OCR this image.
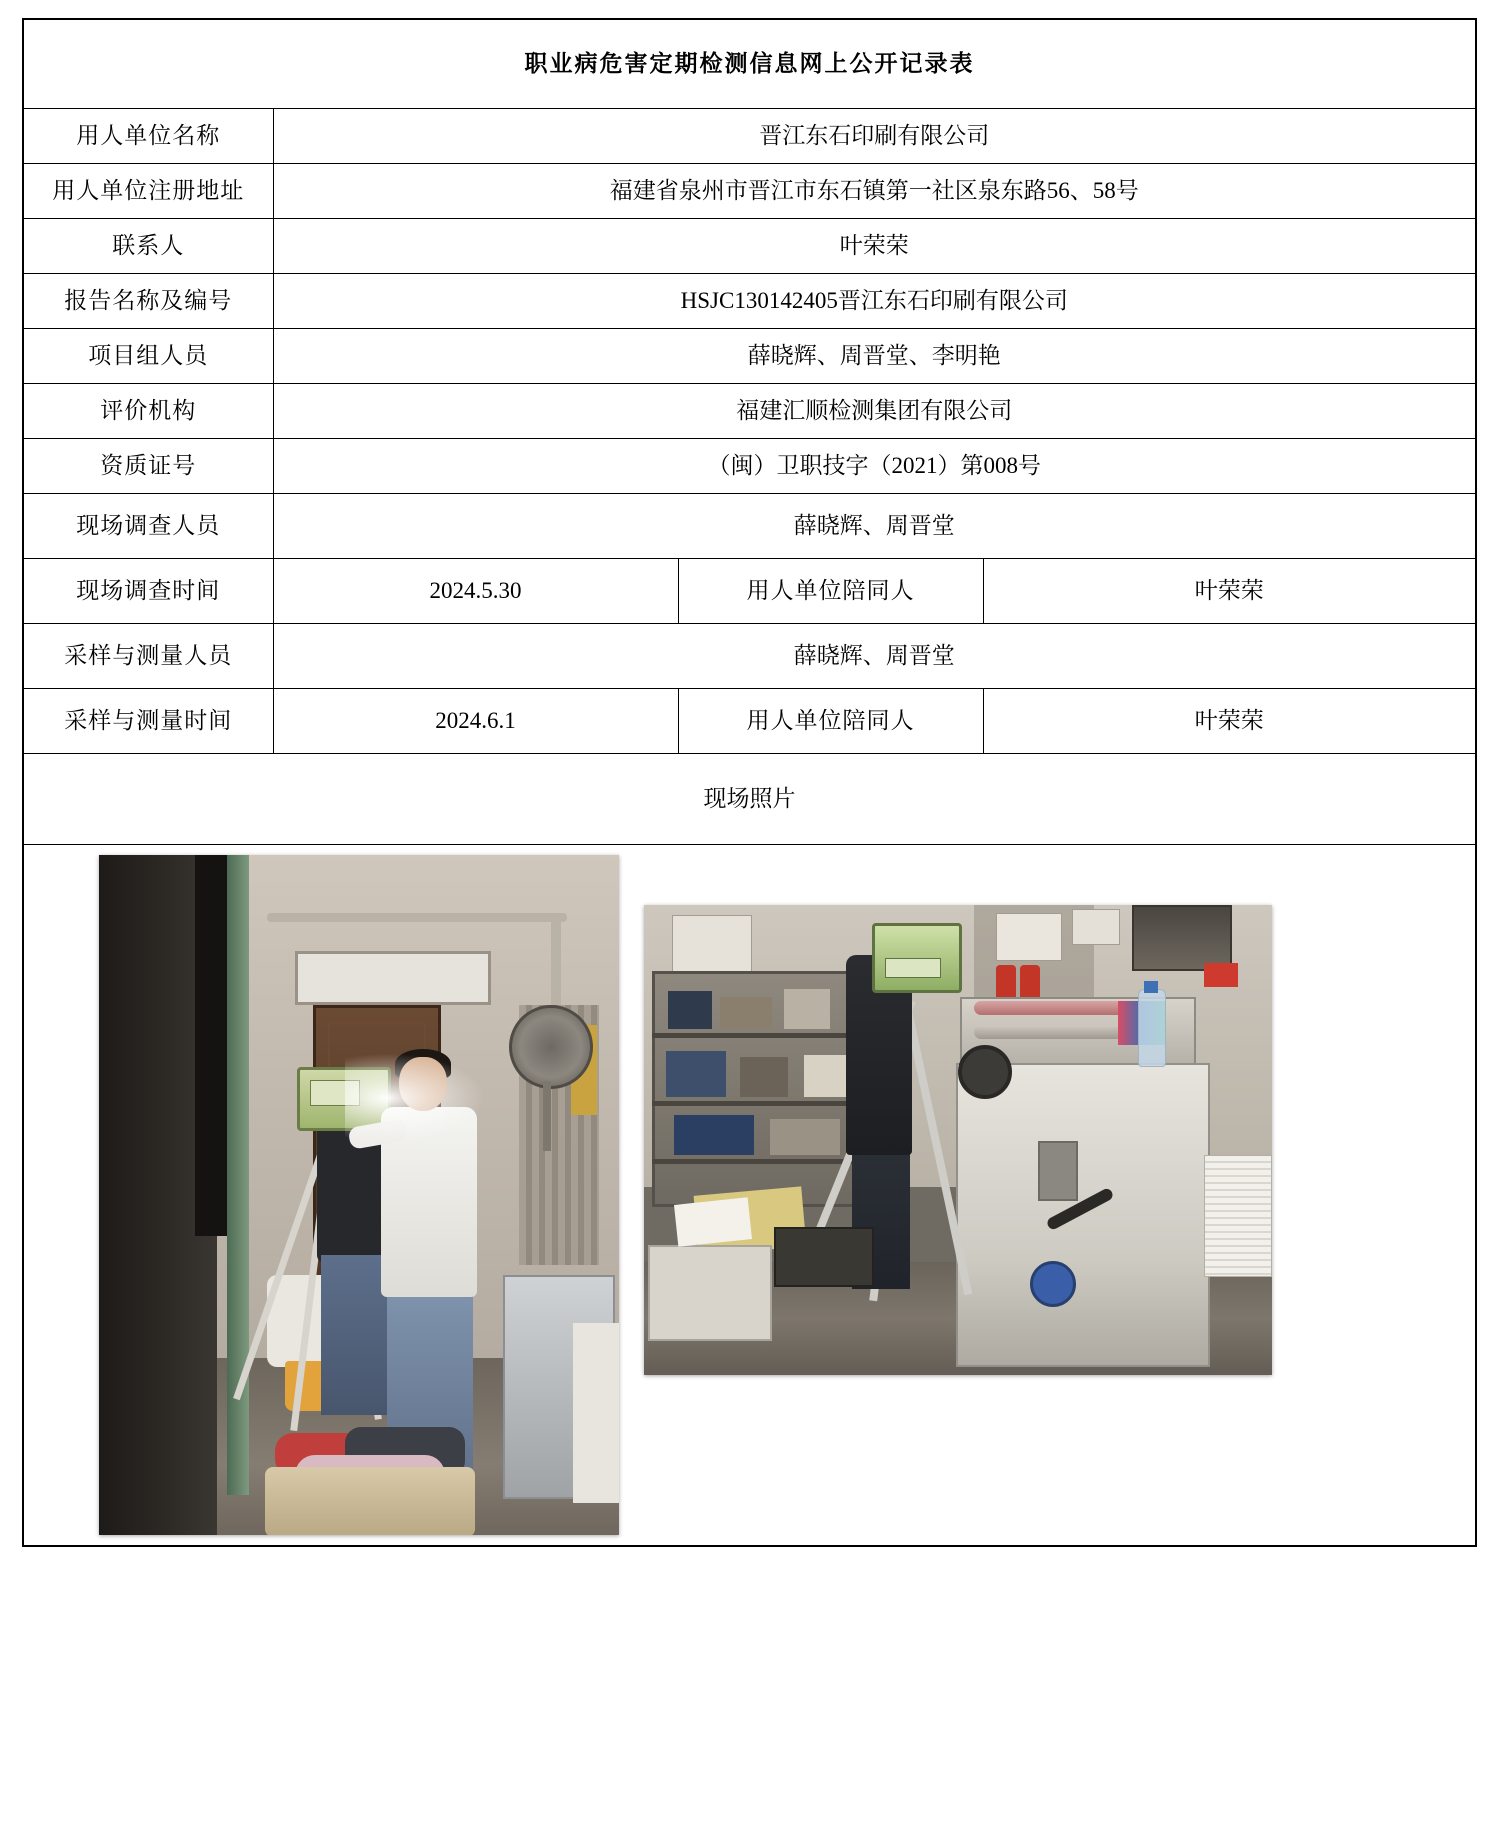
职业病危害定期检测信息网上公开记录表			
用人单位名称	晋江东石印刷有限公司		
用人单位注册地址	福建省泉州市晋江市东石镇第一社区泉东路56、58号		
联系人	叶荣荣		
报告名称及编号	HSJC130142405晋江东石印刷有限公司		
项目组人员	薛晓辉、周晋堂、李明艳		
评价机构	福建汇顺检测集团有限公司		
资质证号	（闽）卫职技字（2021）第008号		
现场调查人员	薛晓辉、周晋堂		
现场调查时间	2024.5.30	用人单位陪同人	叶荣荣
采样与测量人员	薛晓辉、周晋堂		
采样与测量时间	2024.6.1	用人单位陪同人	叶荣荣
现场照片			
